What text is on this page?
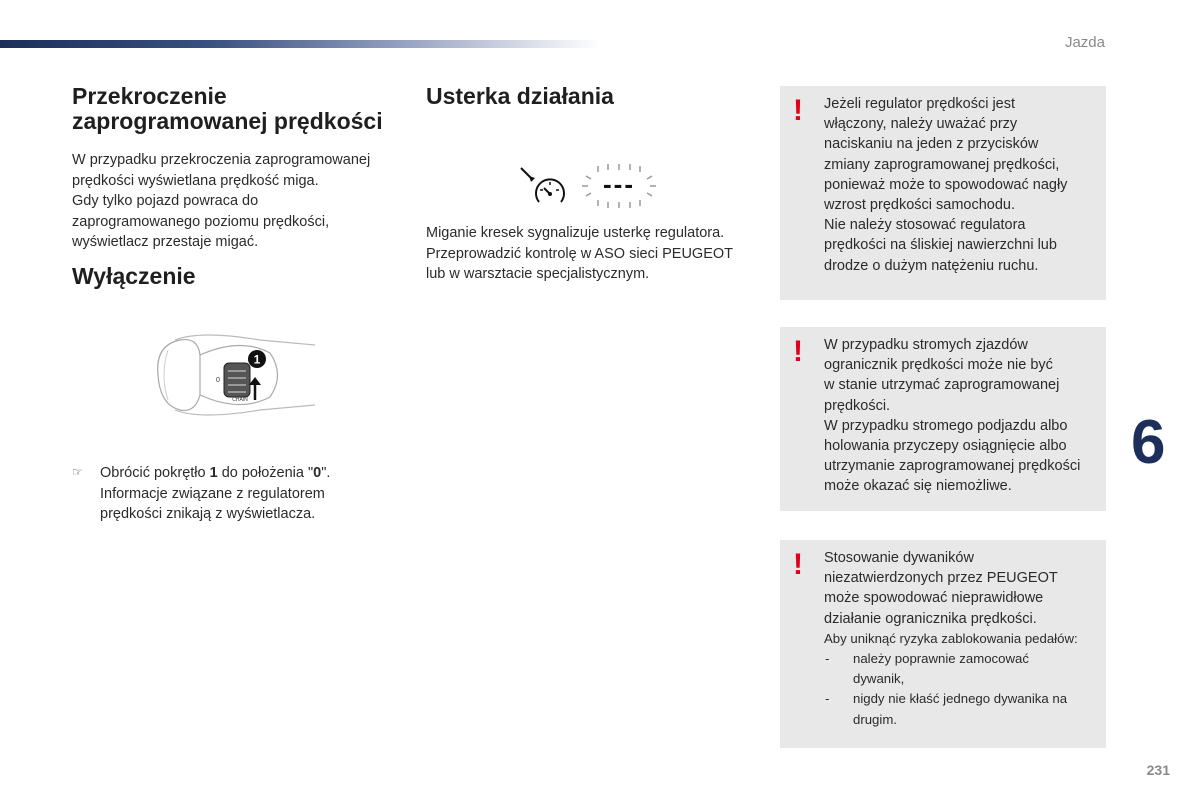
Jazda
6
231
Przekroczenie
zaprogramowanej prędkości
W przypadku przekroczenia zaprogramowanej
prędkości wyświetlana prędkość miga.
Gdy tylko pojazd powraca do
zaprogramowanego poziomu prędkości,
wyświetlacz przestaje migać.
Wyłączenie
1
0
CHAIN
☞ Obrócić pokrętło 1 do położenia "0".
Informacje związane z regulatorem
prędkości znikają z wyświetlacza.
Usterka działania
---
Miganie kresek sygnalizuje usterkę regulatora.
Przeprowadzić kontrolę w ASO sieci PEUGEOT
lub w warsztacie specjalistycznym.
! Jeżeli regulator prędkości jest
włączony, należy uważać przy
naciskaniu na jeden z przycisków
zmiany zaprogramowanej prędkości,
ponieważ może to spowodować nagły
wzrost prędkości samochodu.
Nie należy stosować regulatora
prędkości na śliskiej nawierzchni lub
drodze o dużym natężeniu ruchu.
! W przypadku stromych zjazdów
ogranicznik prędkości może nie być
w stanie utrzymać zaprogramowanej
prędkości.
W przypadku stromego podjazdu albo
holowania przyczepy osiągnięcie albo
utrzymanie zaprogramowanej prędkości
może okazać się niemożliwe.
! Stosowanie dywaników
niezatwierdzonych przez PEUGEOT
może spowodować nieprawidłowe
działanie ogranicznika prędkości.
Aby uniknąć ryzyka zablokowania pedałów:
- należy poprawnie zamocować
dywanik,
- nigdy nie kłaść jednego dywanika na
drugim.
